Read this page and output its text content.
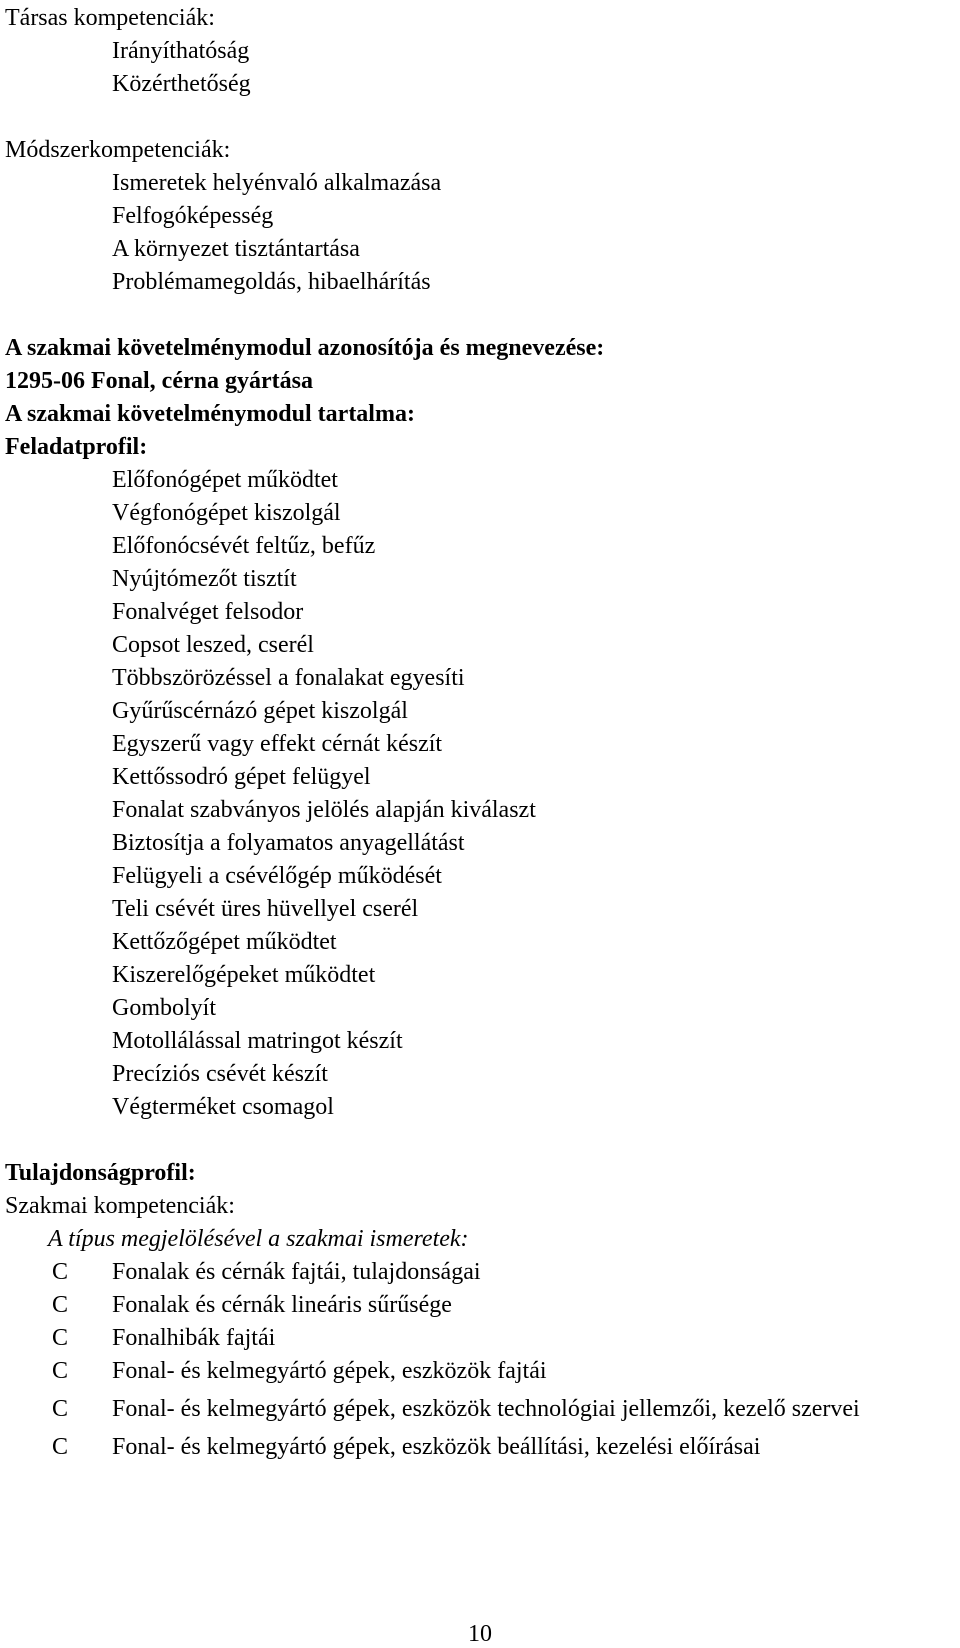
Társas kompetenciák:
Irányíthatóság
Közérthetőség
Módszerkompetenciák:
Ismeretek helyénvaló alkalmazása
Felfogóképesség
A környezet tisztántartása
Problémamegoldás, hibaelhárítás
A szakmai követelménymodul azonosítója és megnevezése:
1295-06 Fonal, cérna gyártása
A szakmai követelménymodul tartalma:
Feladatprofil:
Előfonógépet működtet
Végfonógépet kiszolgál
Előfonócsévét feltűz, befűz
Nyújtómezőt tisztít
Fonalvéget felsodor
Copsot leszed, cserél
Többszörözéssel a fonalakat egyesíti
Gyűrűscérnázó gépet kiszolgál
Egyszerű vagy effekt cérnát készít
Kettőssodró gépet felügyel
Fonalat szabványos jelölés alapján kiválaszt
Biztosítja a folyamatos anyagellátást
Felügyeli a csévélőgép működését
Teli csévét üres hüvellyel cserél
Kettőzőgépet működtet
Kiszerelőgépeket működtet
Gombolyít
Motollálással matringot készít
Precíziós csévét készít
Végterméket csomagol
Tulajdonságprofil:
Szakmai kompetenciák:
A típus megjelölésével a szakmai ismeretek:
C Fonalak és cérnák fajtái, tulajdonságai
C Fonalak és cérnák lineáris sűrűsége
C Fonalhibák fajtái
C Fonal- és kelmegyártó gépek, eszközök fajtái
C Fonal- és kelmegyártó gépek, eszközök technológiai jellemzői, kezelő szervei
C Fonal- és kelmegyártó gépek, eszközök beállítási, kezelési előírásai
10
